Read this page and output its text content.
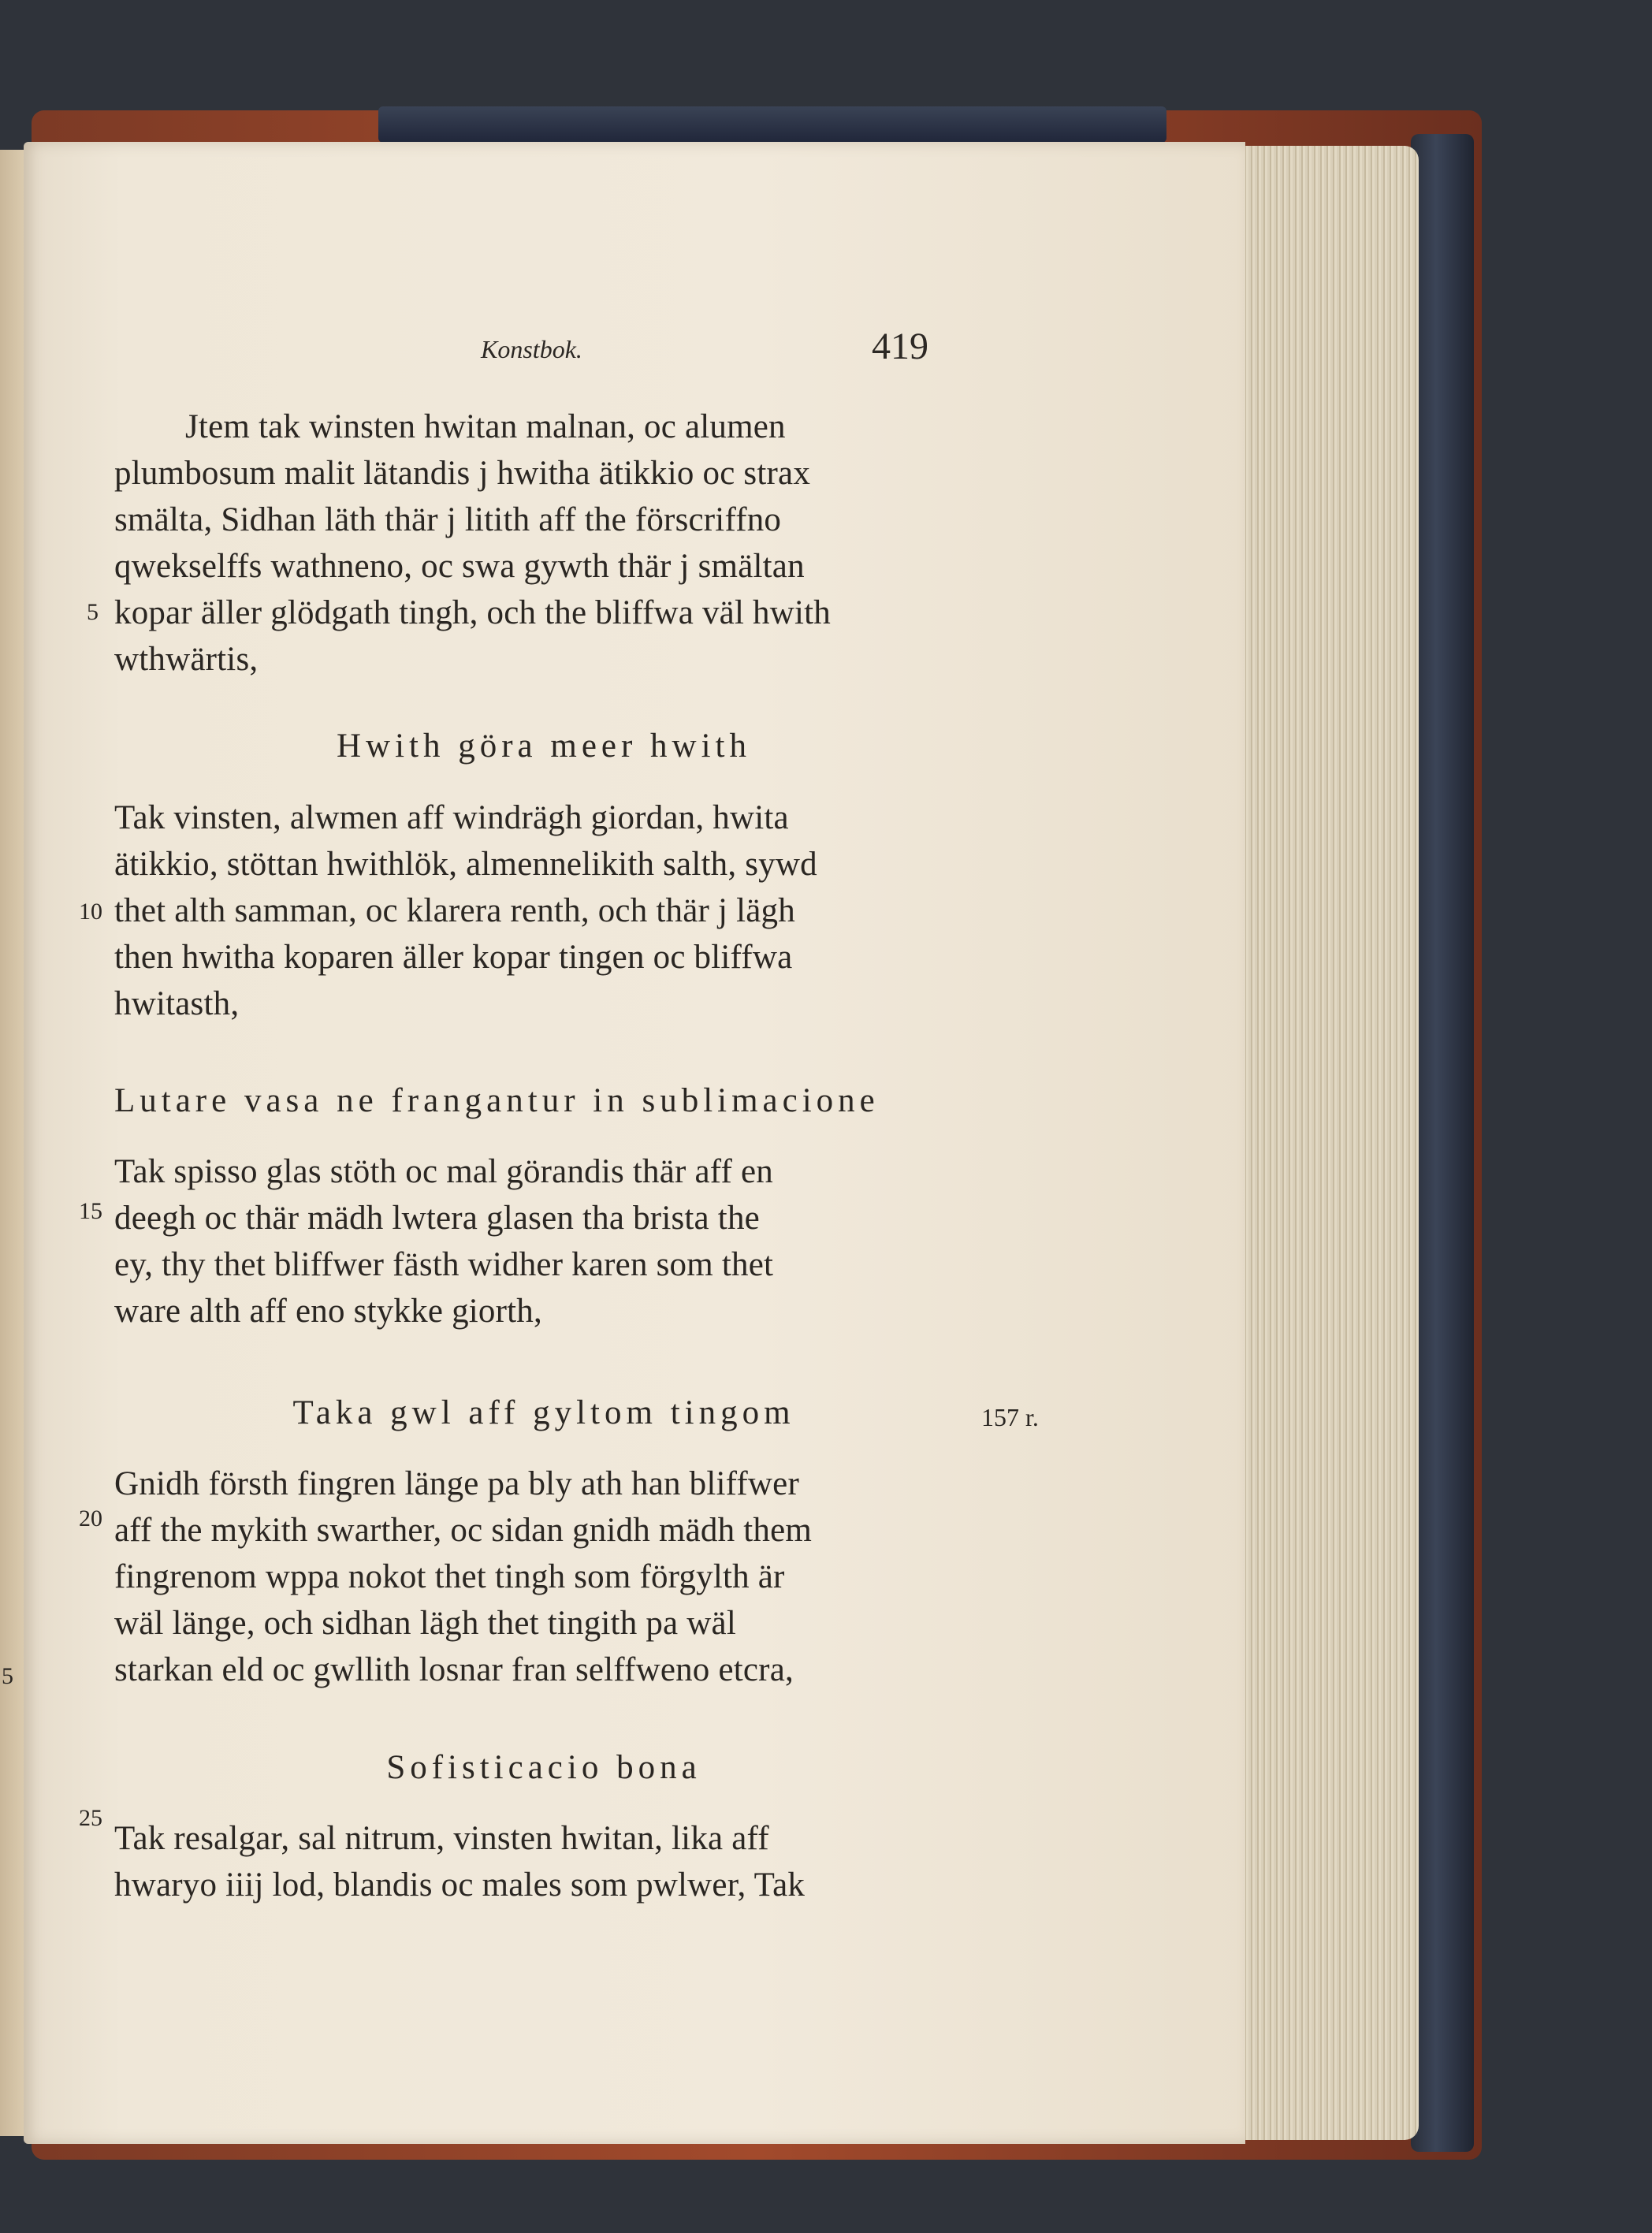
Konstbok.	419
Jtem tak winsten hwitan malnan, oc alumen
plumbosum malit lätandis j hwitha ätikkio oc strax
smälta, Sidhan läth thär j litith aff the förscriffno
qwekselffs wathneno, oc swa gywth thär j smältan
kopar äller glödgath tingh, och the bliffwa väl hwith
wthwärtis,
5
Hwith göra meer hwith
Tak vinsten, alwmen aff windrägh giordan, hwita
ätikkio, stöttan hwithlök, almennelikith salth, sywd
thet alth samman, oc klarera renth, och thär j lägh
then hwitha koparen äller kopar tingen oc bliffwa
hwitasth,
10
Lutare vasa ne frangantur in sublimacione
Tak spisso glas stöth oc mal görandis thär aff en
deegh oc thär mädh lwtera glasen tha brista the
ey, thy thet bliffwer fästh widher karen som thet
ware alth aff eno stykke giorth,
15
Taka gwl aff gyltom tingom	157 r.
Gnidh försth fingren länge pa bly ath han bliffwer
aff the mykith swarther, oc sidan gnidh mädh them
fingrenom wppa nokot thet tingh som förgylth är
wäl länge, och sidhan lägh thet tingith pa wäl
starkan eld oc gwllith losnar fran selffweno etcra,
20
Sofisticacio bona
Tak resalgar, sal nitrum, vinsten hwitan, lika aff
hwaryo iiij lod, blandis oc males som pwlwer, Tak
25
5
